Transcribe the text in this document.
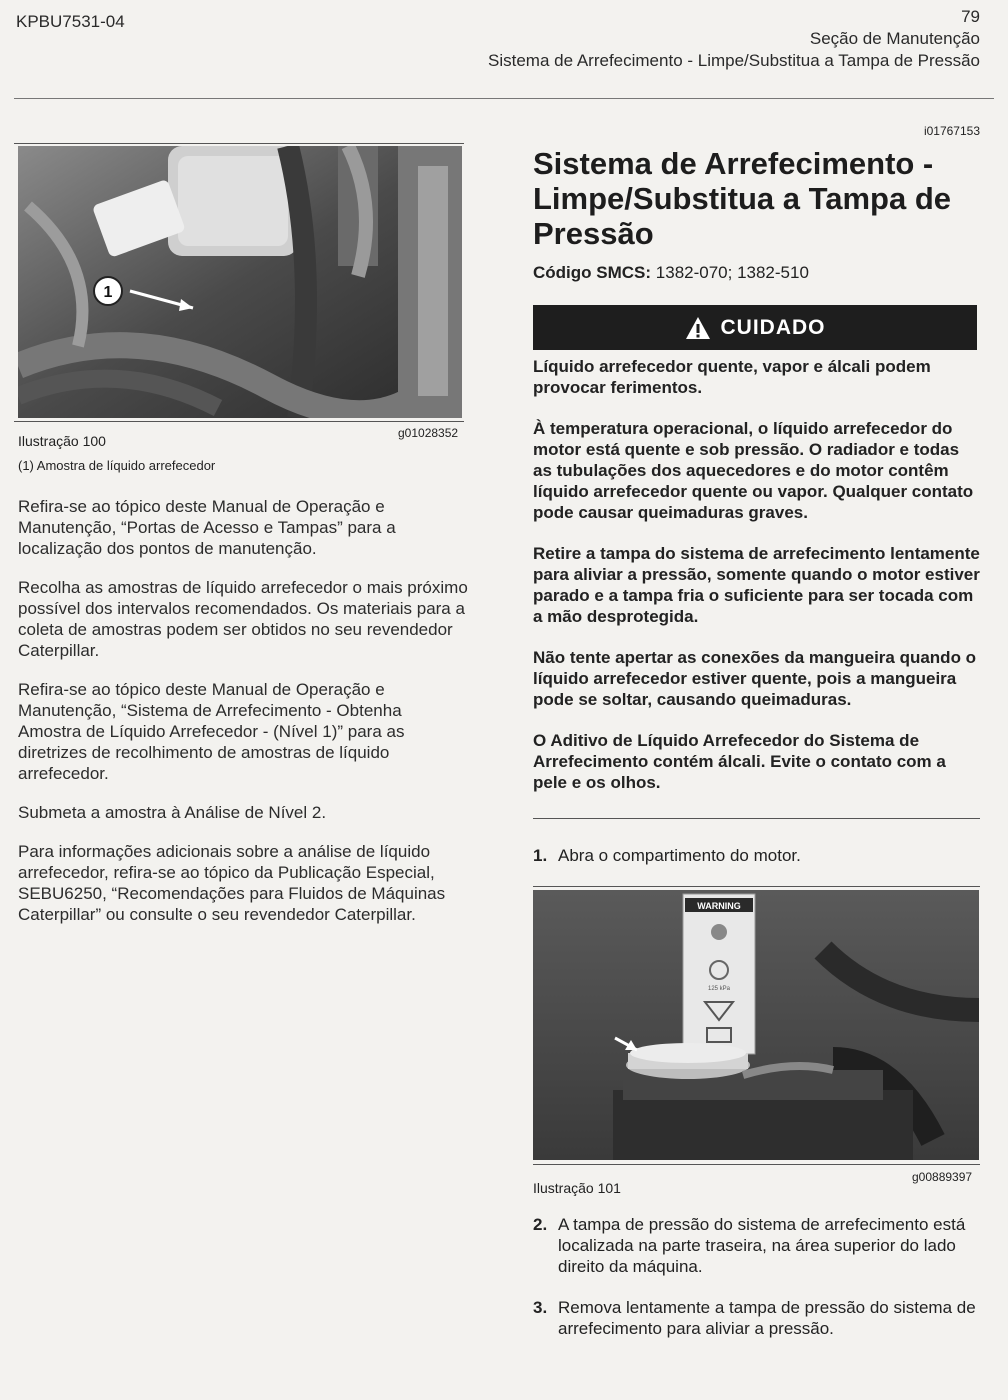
KPBU7531-04	79
Seção de Manutenção
Sistema de Arrefecimento - Limpe/Substitua a Tampa de Pressão
1
Ilustração 100	g01028352
(1) Amostra de líquido arrefecedor

Refira-se ao tópico deste Manual de Operação e Manutenção, “Portas de Acesso e Tampas” para a localização dos pontos de manutenção.

Recolha as amostras de líquido arrefecedor o mais próximo possível dos intervalos recomendados. Os materiais para a coleta de amostras podem ser obtidos no seu revendedor Caterpillar.

Refira-se ao tópico deste Manual de Operação e Manutenção, “Sistema de Arrefecimento - Obtenha Amostra de Líquido Arrefecedor - (Nível 1)” para as diretrizes de recolhimento de amostras de líquido arrefecedor.

Submeta a amostra à Análise de Nível 2.

Para informações adicionais sobre a análise de líquido arrefecedor, refira-se ao tópico da Publicação Especial, SEBU6250, “Recomendações para Fluidos de Máquinas Caterpillar” ou consulte o seu revendedor Caterpillar.

i01767153
Sistema de Arrefecimento - Limpe/Substitua a Tampa de Pressão
Código SMCS: 1382-070; 1382-510
CUIDADO

Líquido arrefecedor quente, vapor e álcali podem provocar ferimentos.

À temperatura operacional, o líquido arrefecedor do motor está quente e sob pressão. O radiador e todas as tubulações dos aquecedores e do motor contêm líquido arrefecedor quente ou vapor. Qualquer contato pode causar queimaduras graves.

Retire a tampa do sistema de arrefecimento lentamente para aliviar a pressão, somente quando o motor estiver parado e a tampa fria o suficiente para ser tocada com a mão desprotegida.

Não tente apertar as conexões da mangueira quando o líquido arrefecedor estiver quente, pois a mangueira pode se soltar, causando queimaduras.

O Aditivo de Líquido Arrefecedor do Sistema de Arrefecimento contém álcali. Evite o contato com a pele e os olhos.

1. Abra o compartimento do motor.
WARNING
125 kPa
Ilustração 101
g00889397
2. A tampa de pressão do sistema de arrefecimento está localizada na parte traseira, na área superior do lado direito da máquina.
3. Remova lentamente a tampa de pressão do sistema de arrefecimento para aliviar a pressão.
